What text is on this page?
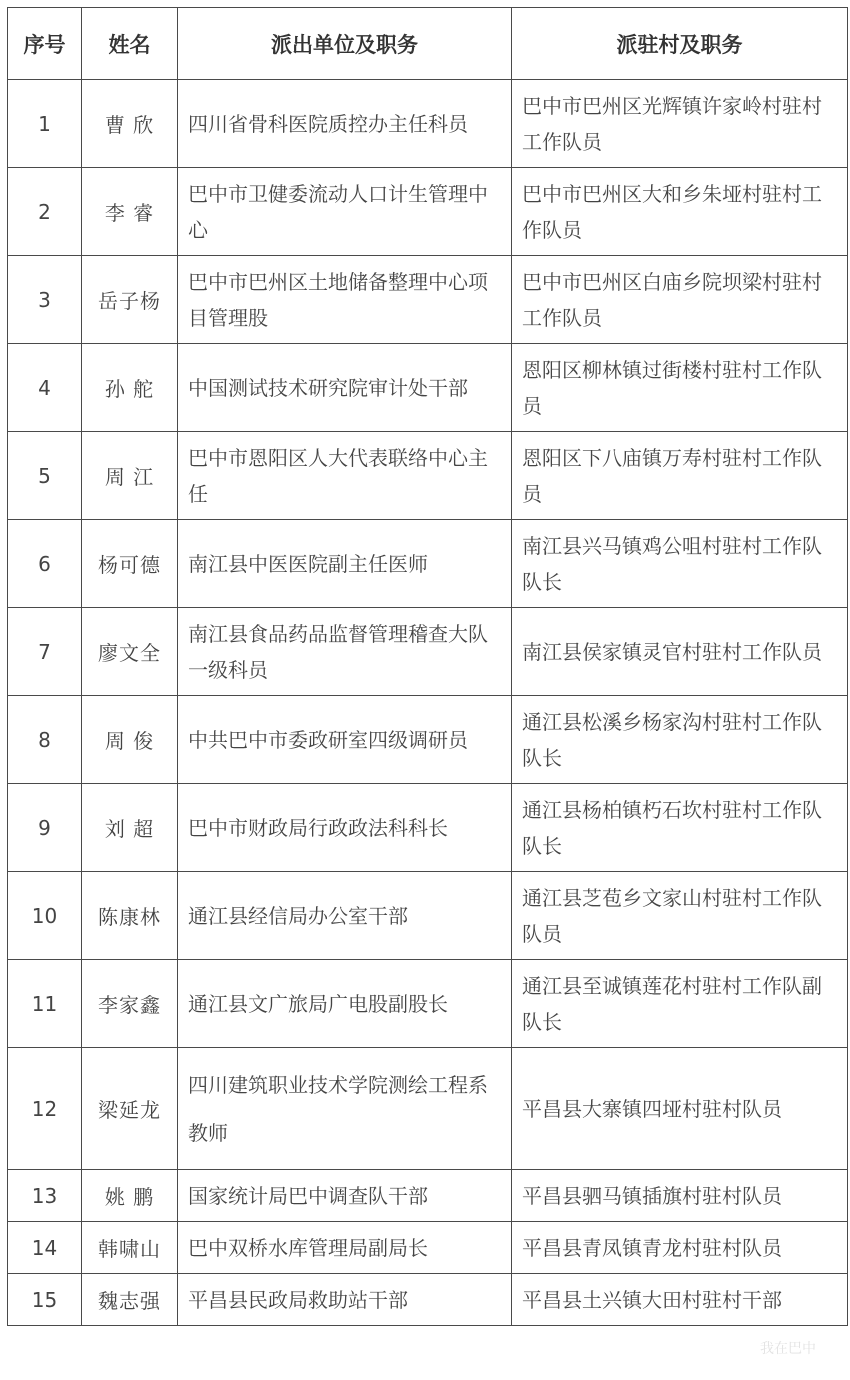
序号	姓名	派出单位及职务	派驻村及职务
1	曹 欣	四川省骨科医院质控办主任科员	巴中市巴州区光辉镇许家岭村驻村工作队员
2	李 睿	巴中市卫健委流动人口计生管理中心	巴中市巴州区大和乡朱垭村驻村工作队员
3	岳子杨	巴中市巴州区土地储备整理中心项目管理股	巴中市巴州区白庙乡院坝梁村驻村工作队员
4	孙 舵	中国测试技术研究院审计处干部	恩阳区柳林镇过街楼村驻村工作队员
5	周 江	巴中市恩阳区人大代表联络中心主任	恩阳区下八庙镇万寿村驻村工作队员
6	杨可德	南江县中医医院副主任医师	南江县兴马镇鸡公咀村驻村工作队队长
7	廖文全	南江县食品药品监督管理稽查大队一级科员	南江县侯家镇灵官村驻村工作队员
8	周 俊	中共巴中市委政研室四级调研员	通江县松溪乡杨家沟村驻村工作队队长
9	刘 超	巴中市财政局行政政法科科长	通江县杨柏镇朽石坎村驻村工作队队长
10	陈康林	通江县经信局办公室干部	通江县芝苞乡文家山村驻村工作队队员
11	李家鑫	通江县文广旅局广电股副股长	通江县至诚镇莲花村驻村工作队副队长
12	梁延龙	四川建筑职业技术学院测绘工程系教师	平昌县大寨镇四垭村驻村队员
13	姚 鹏	国家统计局巴中调查队干部	平昌县驷马镇插旗村驻村队员
14	韩啸山	巴中双桥水库管理局副局长	平昌县青凤镇青龙村驻村队员
15	魏志强	平昌县民政局救助站干部	平昌县土兴镇大田村驻村干部
我在巴中
